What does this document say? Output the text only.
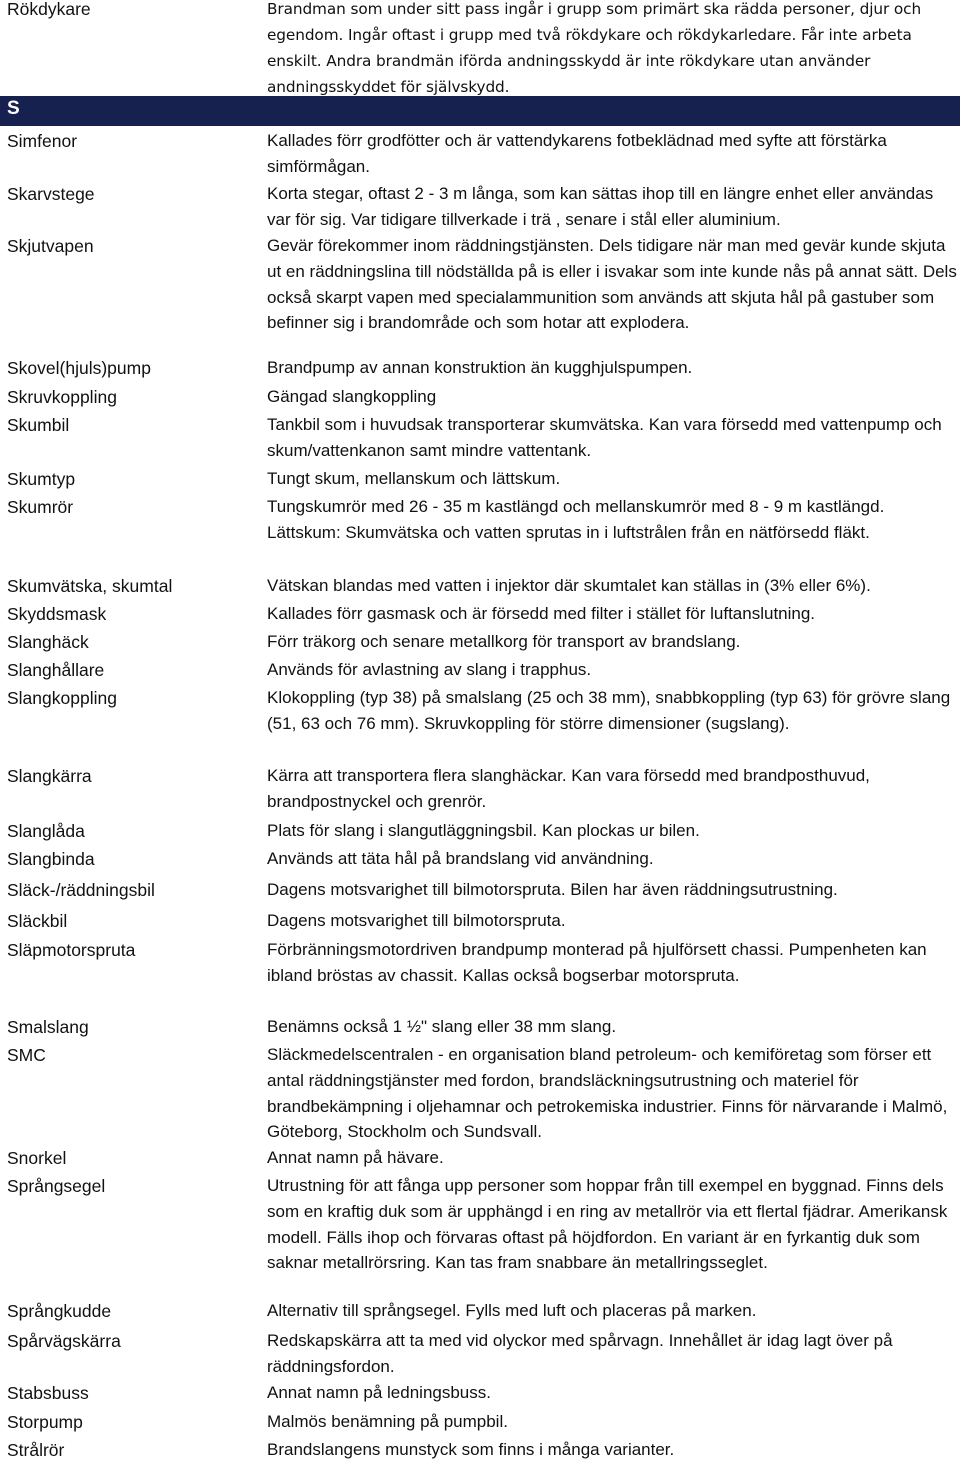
S
Rökdykare	Brandman som under sitt pass ingår i grupp som primärt ska rädda personer, djur och egendom. Ingår oftast i grupp med två rökdykare och rökdykarledare. Får inte arbeta enskilt. Andra brandmän iförda andningsskydd är inte rökdykare utan använder andningsskyddet för självskydd.
Simfenor	Kallades förr grodfötter och är vattendykarens fotbeklädnad med syfte att förstärka simförmågan.
Skarvstege	Korta stegar, oftast 2 - 3 m långa, som kan sättas ihop till en längre enhet eller användas var för sig. Var tidigare tillverkade i trä , senare i stål eller aluminium.
Skjutvapen	Gevär förekommer inom räddningstjänsten. Dels tidigare när man med gevär kunde skjuta ut en räddningslina till nödställda på is eller i isvakar som inte kunde nås på annat sätt. Dels också skarpt vapen med specialammunition som används att skjuta hål på gastuber som befinner sig i brandområde och som hotar att explodera.
Skovel(hjuls)pump	Brandpump av annan konstruktion än kugghjulspumpen.
Skruvkoppling	Gängad slangkoppling
Skumbil	Tankbil som i huvudsak transporterar skumvätska. Kan vara försedd med vattenpump och skum/vattenkanon samt mindre vattentank.
Skumtyp	Tungt skum, mellanskum och lättskum.
Skumrör	Tungskumrör med 26 - 35 m kastlängd och mellanskumrör med 8 - 9 m kastlängd. Lättskum: Skumvätska och vatten sprutas in i luftstrålen från en nätförsedd fläkt.
Skumvätska, skumtal	Vätskan blandas med vatten i injektor där skumtalet kan ställas in (3% eller 6%).
Skyddsmask	Kallades förr gasmask och är försedd med filter i stället för luftanslutning.
Slanghäck	Förr träkorg och senare metallkorg för transport av brandslang.
Slanghållare	Används för avlastning av slang i trapphus.
Slangkoppling	Klokoppling (typ 38) på smalslang (25 och 38 mm), snabbkoppling (typ 63) för grövre slang (51, 63 och 76 mm). Skruvkoppling för större dimensioner (sugslang).
Slangkärra	Kärra att transportera flera slanghäckar. Kan vara försedd med brandposthuvud, brandpostnyckel och grenrör.
Slanglåda	Plats för slang i slangutläggningsbil. Kan plockas ur bilen.
Slangbinda	Används att täta hål på brandslang vid användning.
Släck-/räddningsbil	Dagens motsvarighet till bilmotorspruta. Bilen har även räddningsutrustning.
Släckbil	Dagens motsvarighet till bilmotorspruta.
Släpmotorspruta	Förbränningsmotordriven brandpump monterad på hjulförsett chassi. Pumpenheten kan ibland bröstas av chassit. Kallas också bogserbar motorspruta.
Smalslang	Benämns också 1 ½" slang eller 38 mm slang.
SMC	Släckmedelscentralen - en organisation bland petroleum- och kemiföretag som förser ett antal räddningstjänster med fordon, brandsläckningsutrustning och materiel för brandbekämpning i oljehamnar och petrokemiska industrier. Finns för närvarande i Malmö, Göteborg, Stockholm och Sundsvall.
Snorkel	Annat namn på hävare.
Språngsegel	Utrustning för att fånga upp personer som hoppar från till exempel en byggnad. Finns dels som en kraftig duk som är upphängd i en ring av metallrör via ett flertal fjädrar. Amerikansk modell. Fälls ihop och förvaras oftast på höjdfordon. En variant är en fyrkantig duk som saknar metallrörsring. Kan tas fram snabbare än metallringsseglet.
Språngkudde	Alternativ till språngsegel. Fylls med luft och placeras på marken.
Spårvägskärra	Redskapskärra att ta med vid olyckor med spårvagn. Innehållet är idag lagt över på räddningsfordon.
Stabsbuss	Annat namn på ledningsbuss.
Storpump	Malmös benämning på pumpbil.
Strålrör	Brandslangens munstyck som finns i många varianter.
